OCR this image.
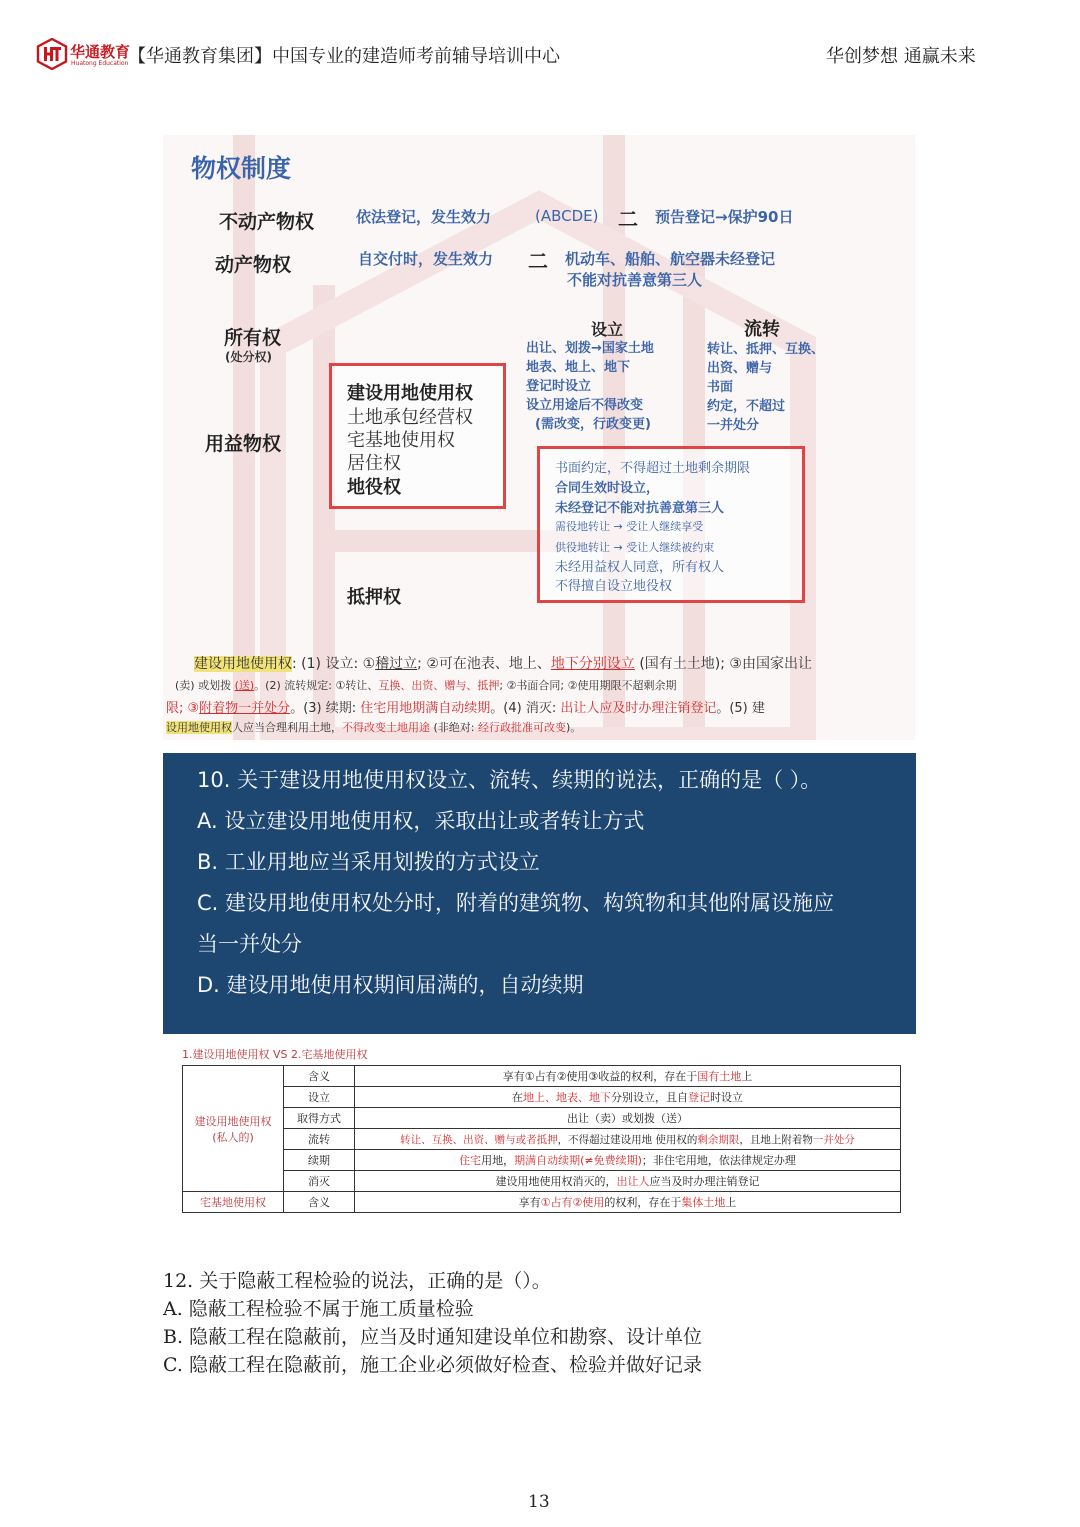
华通教育
Huatong Education 【华通教育集团】中国专业的建造师考前辅导培训中心	华创梦想 通赢未来
物权制度
不动产物权	依法登记，发生效力	(ABCDE) 二 预告登记→保护90日
动产物权	自交付时，发生效力 二 机动车、船舶、航空器未经登记
不能对抗善意第三人
所有权
(处分权)
用益物权
抵押权
建设用地使用权
土地承包经营权
宅基地使用权
居住权
地役权
设立
出让、划拨→国家土地
地表、地上、地下
登记时设立
设立用途后不得改变
(需改变，行政变更)
流转
转让、抵押、互换、
出资、赠与
书面
约定，不超过
一并处分
书面约定，不得超过土地剩余期限
合同生效时设立，
未经登记不能对抗善意第三人
需役地转让 → 受让人继续享受
供役地转让 → 受让人继续被约束
未经用益权人同意，所有权人
不得擅自设立地役权
建设用地使用权: (1) 设立: ①稽过立; ②可在池表、地上、地下分别设立 (国有土土地); ③由国家出让
(卖) 或划拨 (送)。(2) 流转规定: ①转让、互换、出资、赠与、抵押; ②书面合同; ②使用期限不超剩余期
限; ③附着物一并处分。(3) 续期: 住宅用地期满自动续期。(4) 消灭: 出让人应及时办理注销登记。(5) 建
设用地使用权人应当合理利用土地，不得改变土地用途 (非绝对: 经行政批准可改变)。
10. 关于建设用地使用权设立、流转、续期的说法，正确的是（ ）。
A. 设立建设用地使用权，采取出让或者转让方式
B. 工业用地应当采用划拨的方式设立
C. 建设用地使用权处分时，附着的建筑物、构筑物和其他附属设施应
当一并处分
D. 建设用地使用权期间届满的，自动续期
1.建设用地使用权 VS 2.宅基地使用权
建设用地使用权
(私人的)	含义	享有①占有②使用③收益的权利，存在于国有土地上
	设立	在地上、地表、地下分别设立，且自登记时设立
	取得方式	出让（卖）或划拨（送）
	流转	转让、互换、出资、赠与或者抵押，不得超过建设用地 使用权的剩余期限，且地上附着物一并处分
	续期	住宅用地，期满自动续期(≠免费续期)；非住宅用地，依法律规定办理
	消灭	建设用地使用权消灭的，出让人应当及时办理注销登记
宅基地使用权	含义	享有①占有②使用的权利，存在于集体土地上
12. 关于隐蔽工程检验的说法，正确的是（）。
A. 隐蔽工程检验不属于施工质量检验
B. 隐蔽工程在隐蔽前，应当及时通知建设单位和勘察、设计单位
C. 隐蔽工程在隐蔽前，施工企业必须做好检查、检验并做好记录
13
